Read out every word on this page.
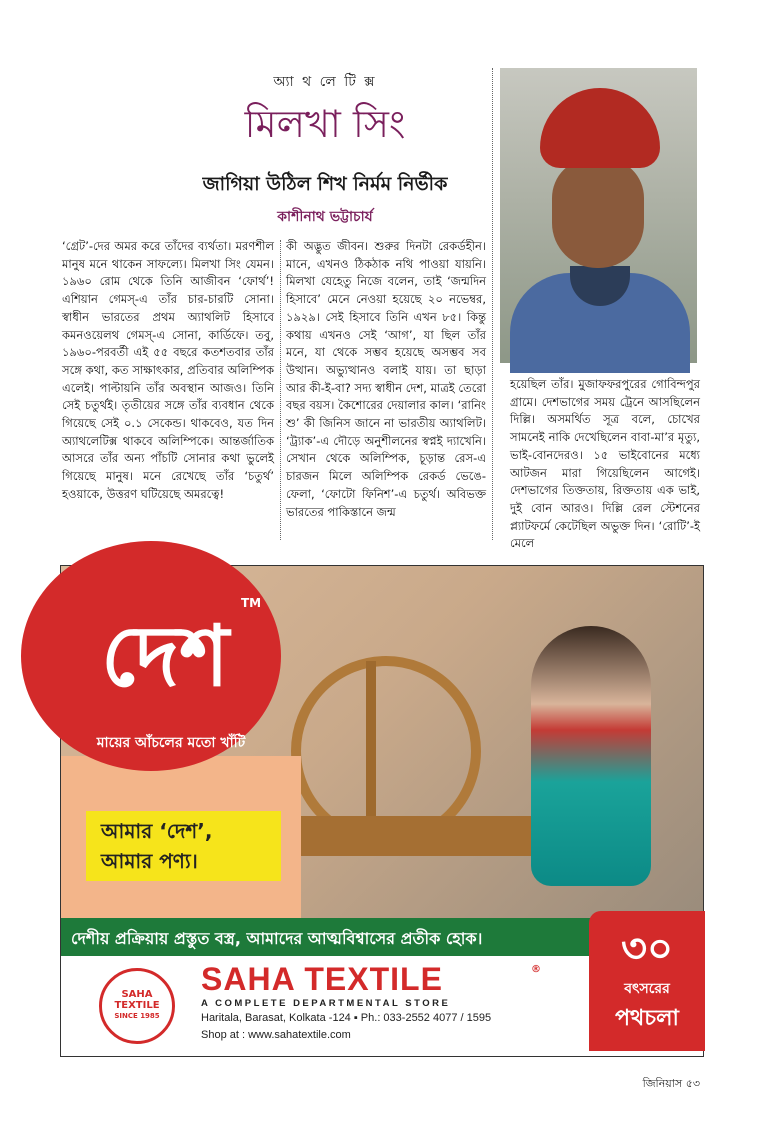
অ্যা থ লে টি ক্স
মিলখা সিং
জাগিয়া উঠিল শিখ নির্মম নির্ভীক
কাশীনাথ ভট্টাচার্য

‘গ্রেট’-দের অমর করে তাঁদের ব্যর্থতা। মরণশীল মানুষ মনে থাকেন সাফল্যে। মিলখা সিং যেমন। ১৯৬০ রোম থেকে তিনি আজীবন ‘ফোর্থ’! এশিয়ান গেমস্‌-এ তাঁর চার-চারটি সোনা। স্বাধীন ভারতের প্রথম অ্যাথলিট হিসাবে কমনওয়েলথ গেমস্‌-এ সোনা, কার্ডিফে। তবু, ১৯৬০-পরবর্তী এই ৫৫ বছরে কতশতবার তাঁর সঙ্গে কথা, কত সাক্ষাৎকার, প্রতিবার অলিম্পিক এলেই। পাল্টায়নি তাঁর অবস্থান আজও। তিনি সেই চতুর্থই। তৃতীয়ের সঙ্গে তাঁর ব্যবধান থেকে গিয়েছে সেই ০.১ সেকেন্ড। থাকবেও, যত দিন অ্যাথলেটিক্স থাকবে অলিম্পিকে। আন্তর্জাতিক আসরে তাঁর অন্য পাঁচটি সোনার কথা ভুলেই গিয়েছে মানুষ। মনে রেখেছে তাঁর ‘চতুর্থ’ হওয়াকে, উত্তরণ ঘটিয়েছে অমরত্বে!

কী অদ্ভুত জীবন। শুরুর দিনটা রেকর্ডহীন। মানে, এখনও ঠিকঠাক নথি পাওয়া যায়নি। মিলখা যেহেতু নিজে বলেন, তাই ‘জন্মদিন হিসাবে’ মেনে নেওয়া হয়েছে ২০ নভেম্বর, ১৯২৯। সেই হিসাবে তিনি এখন ৮৫। কিন্তু কথায় এখনও সেই ‘আগ’, যা ছিল তাঁর মনে, যা থেকে সম্ভব হয়েছে অসম্ভব সব উত্থান। অভ্যুত্থানও বলাই যায়। তা ছাড়া আর কী-ই-বা? সদ্য স্বাধীন দেশ, মাত্রই তেরো বছর বয়স। কৈশোরের দেয়ালার কাল। ‘রানিং শু’ কী জিনিস জানে না ভারতীয় অ্যাথলিট। ‘ট্র্যাক’-এ দৌড়ে অনুশীলনের স্বপ্নই দ্যাখেনি। সেখান থেকে অলিম্পিক, চূড়ান্ত রেস-এ চারজন মিলে অলিম্পিক রেকর্ড ভেঙে-ফেলা, ‘ফোটো ফিনিশ’-এ চতুর্থ। অবিভক্ত ভারতের পাকিস্তানে জন্ম

হয়েছিল তাঁর। মুজাফফরপুরের গোবিন্দপুর গ্রামে। দেশভাগের সময় ট্রেনে আসছিলেন দিল্লি। অসমর্থিত সূত্র বলে, চোখের সামনেই নাকি দেখেছিলেন বাবা-মা’র মৃত্যু, ভাই-বোনদেরও। ১৫ ভাইবোনের মধ্যে আটজন মারা গিয়েছিলেন আগেই। দেশভাগের তিক্ততায়, রিক্ততায় এক ভাই, দুই বোন আরও। দিল্লি রেল স্টেশনের প্ল্যাটফর্মে কেটেছিল অভুক্ত দিন। ‘রোটি’-ই মেলে

আমার ‘দেশ’,
আমার পণ্য।
দেশ
TM
মায়ের আঁচলের মতো খাঁটি
দেশীয় প্রক্রিয়ায় প্রস্তুত বস্ত্র, আমাদের আত্মবিশ্বাসের প্রতীক হোক।	৩০
বৎসরের
পথচলা
SAHA TEXTILE
SINCE 1985
SAHA TEXTILE	®
A COMPLETE DEPARTMENTAL STORE
Haritala, Barasat, Kolkata -124 ▪ Ph.: 033-2552 4077 / 1595
Shop at : www.sahatextile.com
জিনিয়াস ৫৩
